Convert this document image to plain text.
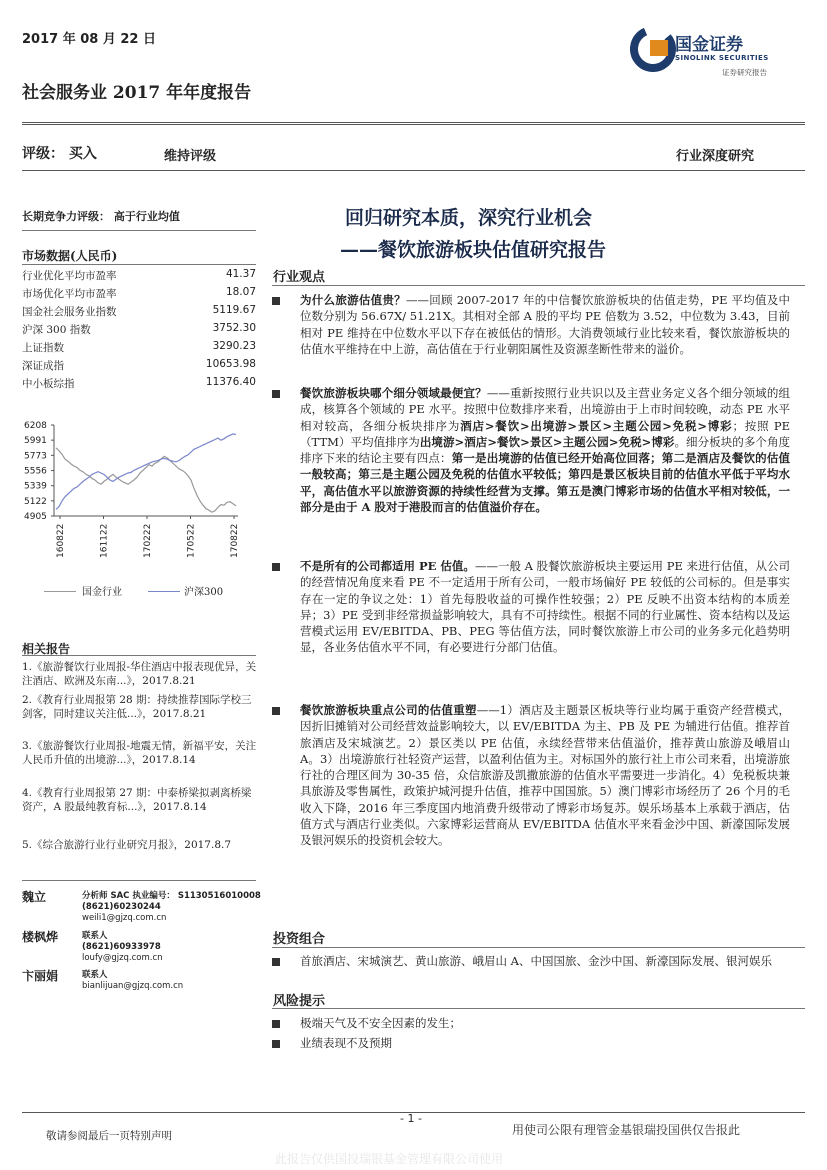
2017 年 08 月 22 日	国金证券
SINOLINK SECURITIES
证券研究报告
社会服务业 2017 年年度报告
评级： 买入	维持评级	行业深度研究
长期竞争力评级： 高于行业均值
市场数据(人民币)
行业优化平均市盈率	41.37
市场优化平均市盈率	18.07
国金社会服务业指数	5119.67
沪深 300 指数	3752.30
上证指数	3290.23
深证成指	10653.98
中小板综指	11376.40
6208
5991
5773
5556
5339
5122
4905
160822	161122	170222	170522	170822
国金行业	沪深300
相关报告
1.《旅游餐饮行业周报-华住酒店中报表现优异，关注酒店、欧洲及东南...》，2017.8.21
2.《教育行业周报第 28 期：持续推荐国际学校三剑客，同时建议关注低...》，2017.8.21
3.《旅游餐饮行业周报-地震无情，新福平安，关注人民币升值的出境游...》，2017.8.14
4.《教育行业周报第 27 期：中泰桥梁拟剥离桥梁资产，A 股最纯教育标...》，2017.8.14
5.《综合旅游行业行业研究月报》，2017.8.7
魏立	分析师 SAC 执业编号： S1130516010008
(8621)60230244
weili1@gjzq.com.cn
楼枫烨	联系人
(8621)60933978
loufy@gjzq.com.cn
卞丽娟	联系人
bianlijuan@gjzq.com.cn
回归研究本质，深究行业机会
——餐饮旅游板块估值研究报告
行业观点
为什么旅游估值贵？——回顾 2007-2017 年的中信餐饮旅游板块的估值走势，PE 平均值及中位数分别为 56.67X/ 51.21X。其相对全部 A 股的平均 PE 倍数为 3.52，中位数为 3.43，目前相对 PE 维持在中位数水平以下存在被低估的情形。大消费领域行业比较来看，餐饮旅游板块的估值水平维持在中上游，高估值在于行业朝阳属性及资源垄断性带来的溢价。
餐饮旅游板块哪个细分领域最便宜？——重新按照行业共识以及主营业务定义各个细分领域的组成，核算各个领域的 PE 水平。按照中位数排序来看，出境游由于上市时间较晚，动态 PE 水平相对较高，各细分板块排序为酒店>餐饮>出境游>景区>主题公园>免税>博彩；按照 PE（TTM）平均值排序为出境游>酒店>餐饮>景区>主题公园>免税>博彩。细分板块的多个角度排序下来的结论主要有四点：第一是出境游的估值已经开始高位回落；第二是酒店及餐饮的估值一般较高；第三是主题公园及免税的估值水平较低；第四是景区板块目前的估值水平低于平均水平，高估值水平以旅游资源的持续性经营为支撑。第五是澳门博彩市场的估值水平相对较低，一部分是由于 A 股对于港股而言的估值溢价存在。
不是所有的公司都适用 PE 估值。——一般 A 股餐饮旅游板块主要运用 PE 来进行估值，从公司的经营情况角度来看 PE 不一定适用于所有公司，一般市场偏好 PE 较低的公司标的。但是事实存在一定的争议之处：1）首先每股收益的可操作性较强；2）PE 反映不出资本结构的本质差异；3）PE 受到非经常损益影响较大，具有不可持续性。根据不同的行业属性、资本结构以及运营模式运用 EV/EBITDA、PB、PEG 等估值方法，同时餐饮旅游上市公司的业务多元化趋势明显，各业务估值水平不同，有必要进行分部门估值。
餐饮旅游板块重点公司的估值重塑——1）酒店及主题景区板块等行业均属于重资产经营模式，因折旧摊销对公司经营效益影响较大，以 EV/EBITDA 为主、PB 及 PE 为辅进行估值。推荐首旅酒店及宋城演艺。2）景区类以 PE 估值，永续经营带来估值溢价，推荐黄山旅游及峨眉山 A。3）出境游旅行社轻资产运营，以盈利估值为主。对标国外的旅行社上市公司来看，出境游旅行社的合理区间为 30-35 倍，众信旅游及凯撒旅游的估值水平需要进一步消化。4）免税板块兼具旅游及零售属性，政策护城河提升估值，推荐中国国旅。5）澳门博彩市场经历了 26 个月的毛收入下降，2016 年三季度国内地消费升级带动了博彩市场复苏。娱乐场基本上承载于酒店，估值方式与酒店行业类似。六家博彩运营商从 EV/EBITDA 估值水平来看金沙中国、新濠国际发展及银河娱乐的投资机会较大。
投资组合
首旅酒店、宋城演艺、黄山旅游、峨眉山 A、中国国旅、金沙中国、新濠国际发展、银河娱乐
风险提示
极端天气及不安全因素的发生；
业绩表现不及预期
- 1 -
敬请参阅最后一页特别声明	用使司公限有理管金基银瑞投国供仅告报此
此报告仅供国投瑞银基金管理有限公司使用
